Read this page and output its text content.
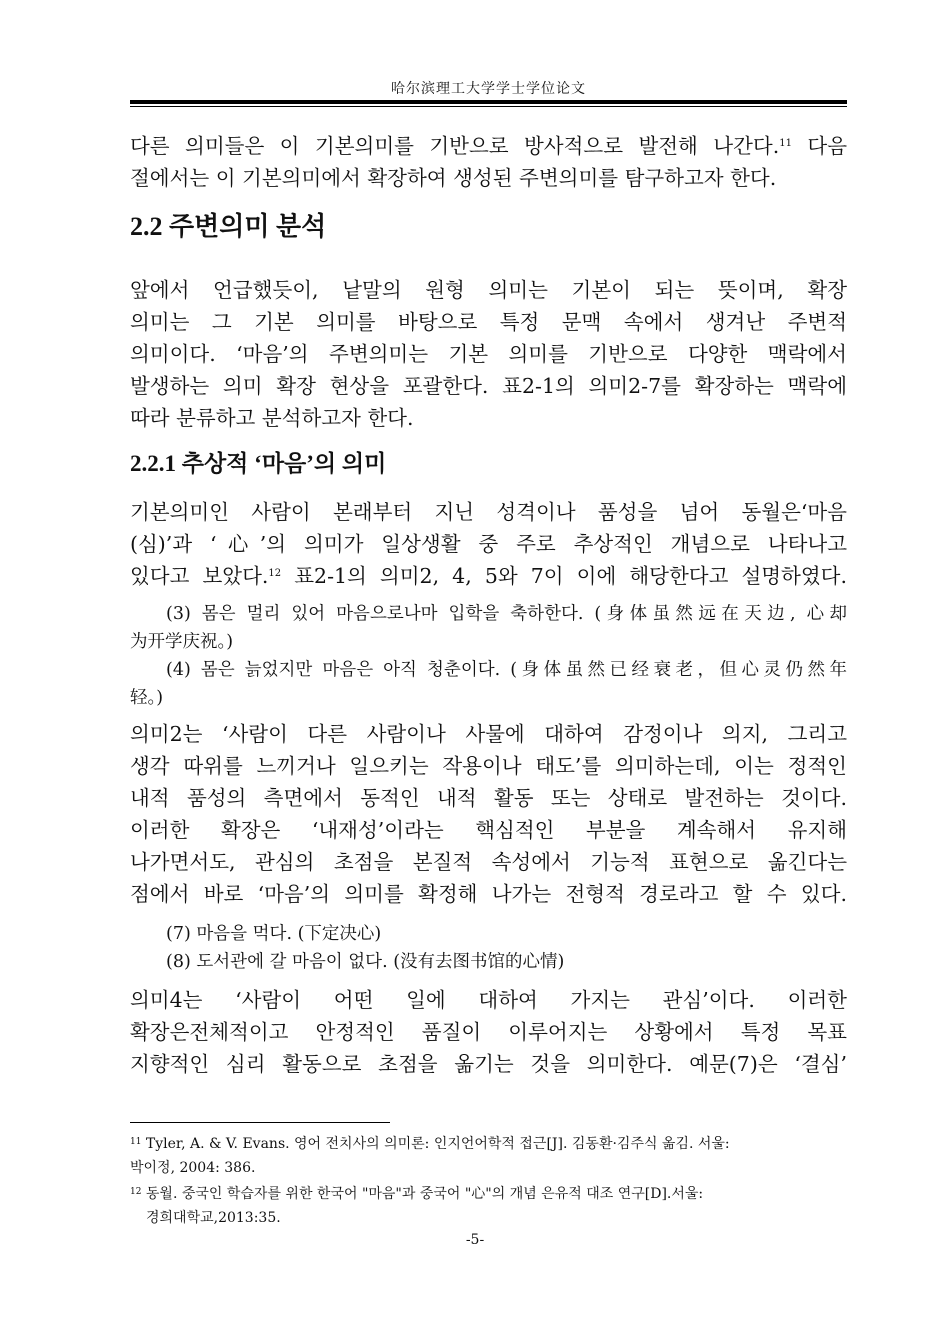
哈尔滨理工大学学士学位论文
다른 의미들은 이 기본의미를 기반으로 방사적으로 발전해 나간다.$^{11}$ 다음
절에서는 이 기본의미에서 확장하여 생성된 주변의미를 탐구하고자 한다.
2.2 주변의미 분석
앞에서 언급했듯이, 낱말의 원형 의미는 기본이 되는 뜻이며, 확장
의미는 그 기본 의미를 바탕으로 특정 문맥 속에서 생겨난 주변적
의미이다. ‘마음’의 주변의미는 기본 의미를 기반으로 다양한 맥락에서
발생하는 의미 확장 현상을 포괄한다. 표2-1의 의미2-7를 확장하는 맥락에
따라 분류하고 분석하고자 한다.
2.2.1 추상적 ‘마음’의 의미
기본의미인 사람이 본래부터 지닌 성격이나 품성을 넘어 동월은‘마음
(심)’과 ‘心’의 의미가 일상생활 중 주로 추상적인 개념으로 나타나고
있다고 보았다.$^{12}$ 표2-1의 의미2, 4, 5와 7이 이에 해당한다고 설명하였다.
(3) 몸은 멀리 있어 마음으로나마 입학을 축하한다. (身体虽然远在天边, 心却
为开学庆祝。)
(4) 몸은 늙었지만 마음은 아직 청춘이다. (身体虽然已经衰老，但心灵仍然年
轻。)
의미2는 ‘사람이 다른 사람이나 사물에 대하여 감정이나 의지, 그리고
생각 따위를 느끼거나 일으키는 작용이나 태도’를 의미하는데, 이는 정적인
내적 품성의 측면에서 동적인 내적 활동 또는 상태로 발전하는 것이다.
이러한 확장은 ‘내재성’이라는 핵심적인 부분을 계속해서 유지해
나가면서도, 관심의 초점을 본질적 속성에서 기능적 표현으로 옮긴다는
점에서 바로 ‘마음’의 의미를 확정해 나가는 전형적 경로라고 할 수 있다.
(7) 마음을 먹다. (下定决心)
(8) 도서관에 갈 마음이 없다. (没有去图书馆的心情)
의미4는 ‘사람이 어떤 일에 대하여 가지는 관심’이다. 이러한
확장은전체적이고 안정적인 품질이 이루어지는 상황에서 특정 목표
지향적인 심리 활동으로 초점을 옮기는 것을 의미한다. 예문(7)은 ‘결심’
$^{11}$ Tyler, A. & V. Evans. 영어 전치사의 의미론: 인지언어학적 접근[J]. 김동환·김주식 옮김. 서울:
박이정, 2004: 386.
$^{12}$ 동월. 중국인 학습자를 위한 한국어 "마음"과 중국어 "心"의 개념 은유적 대조 연구[D].서울:
경희대학교,2013:35.
-5-
